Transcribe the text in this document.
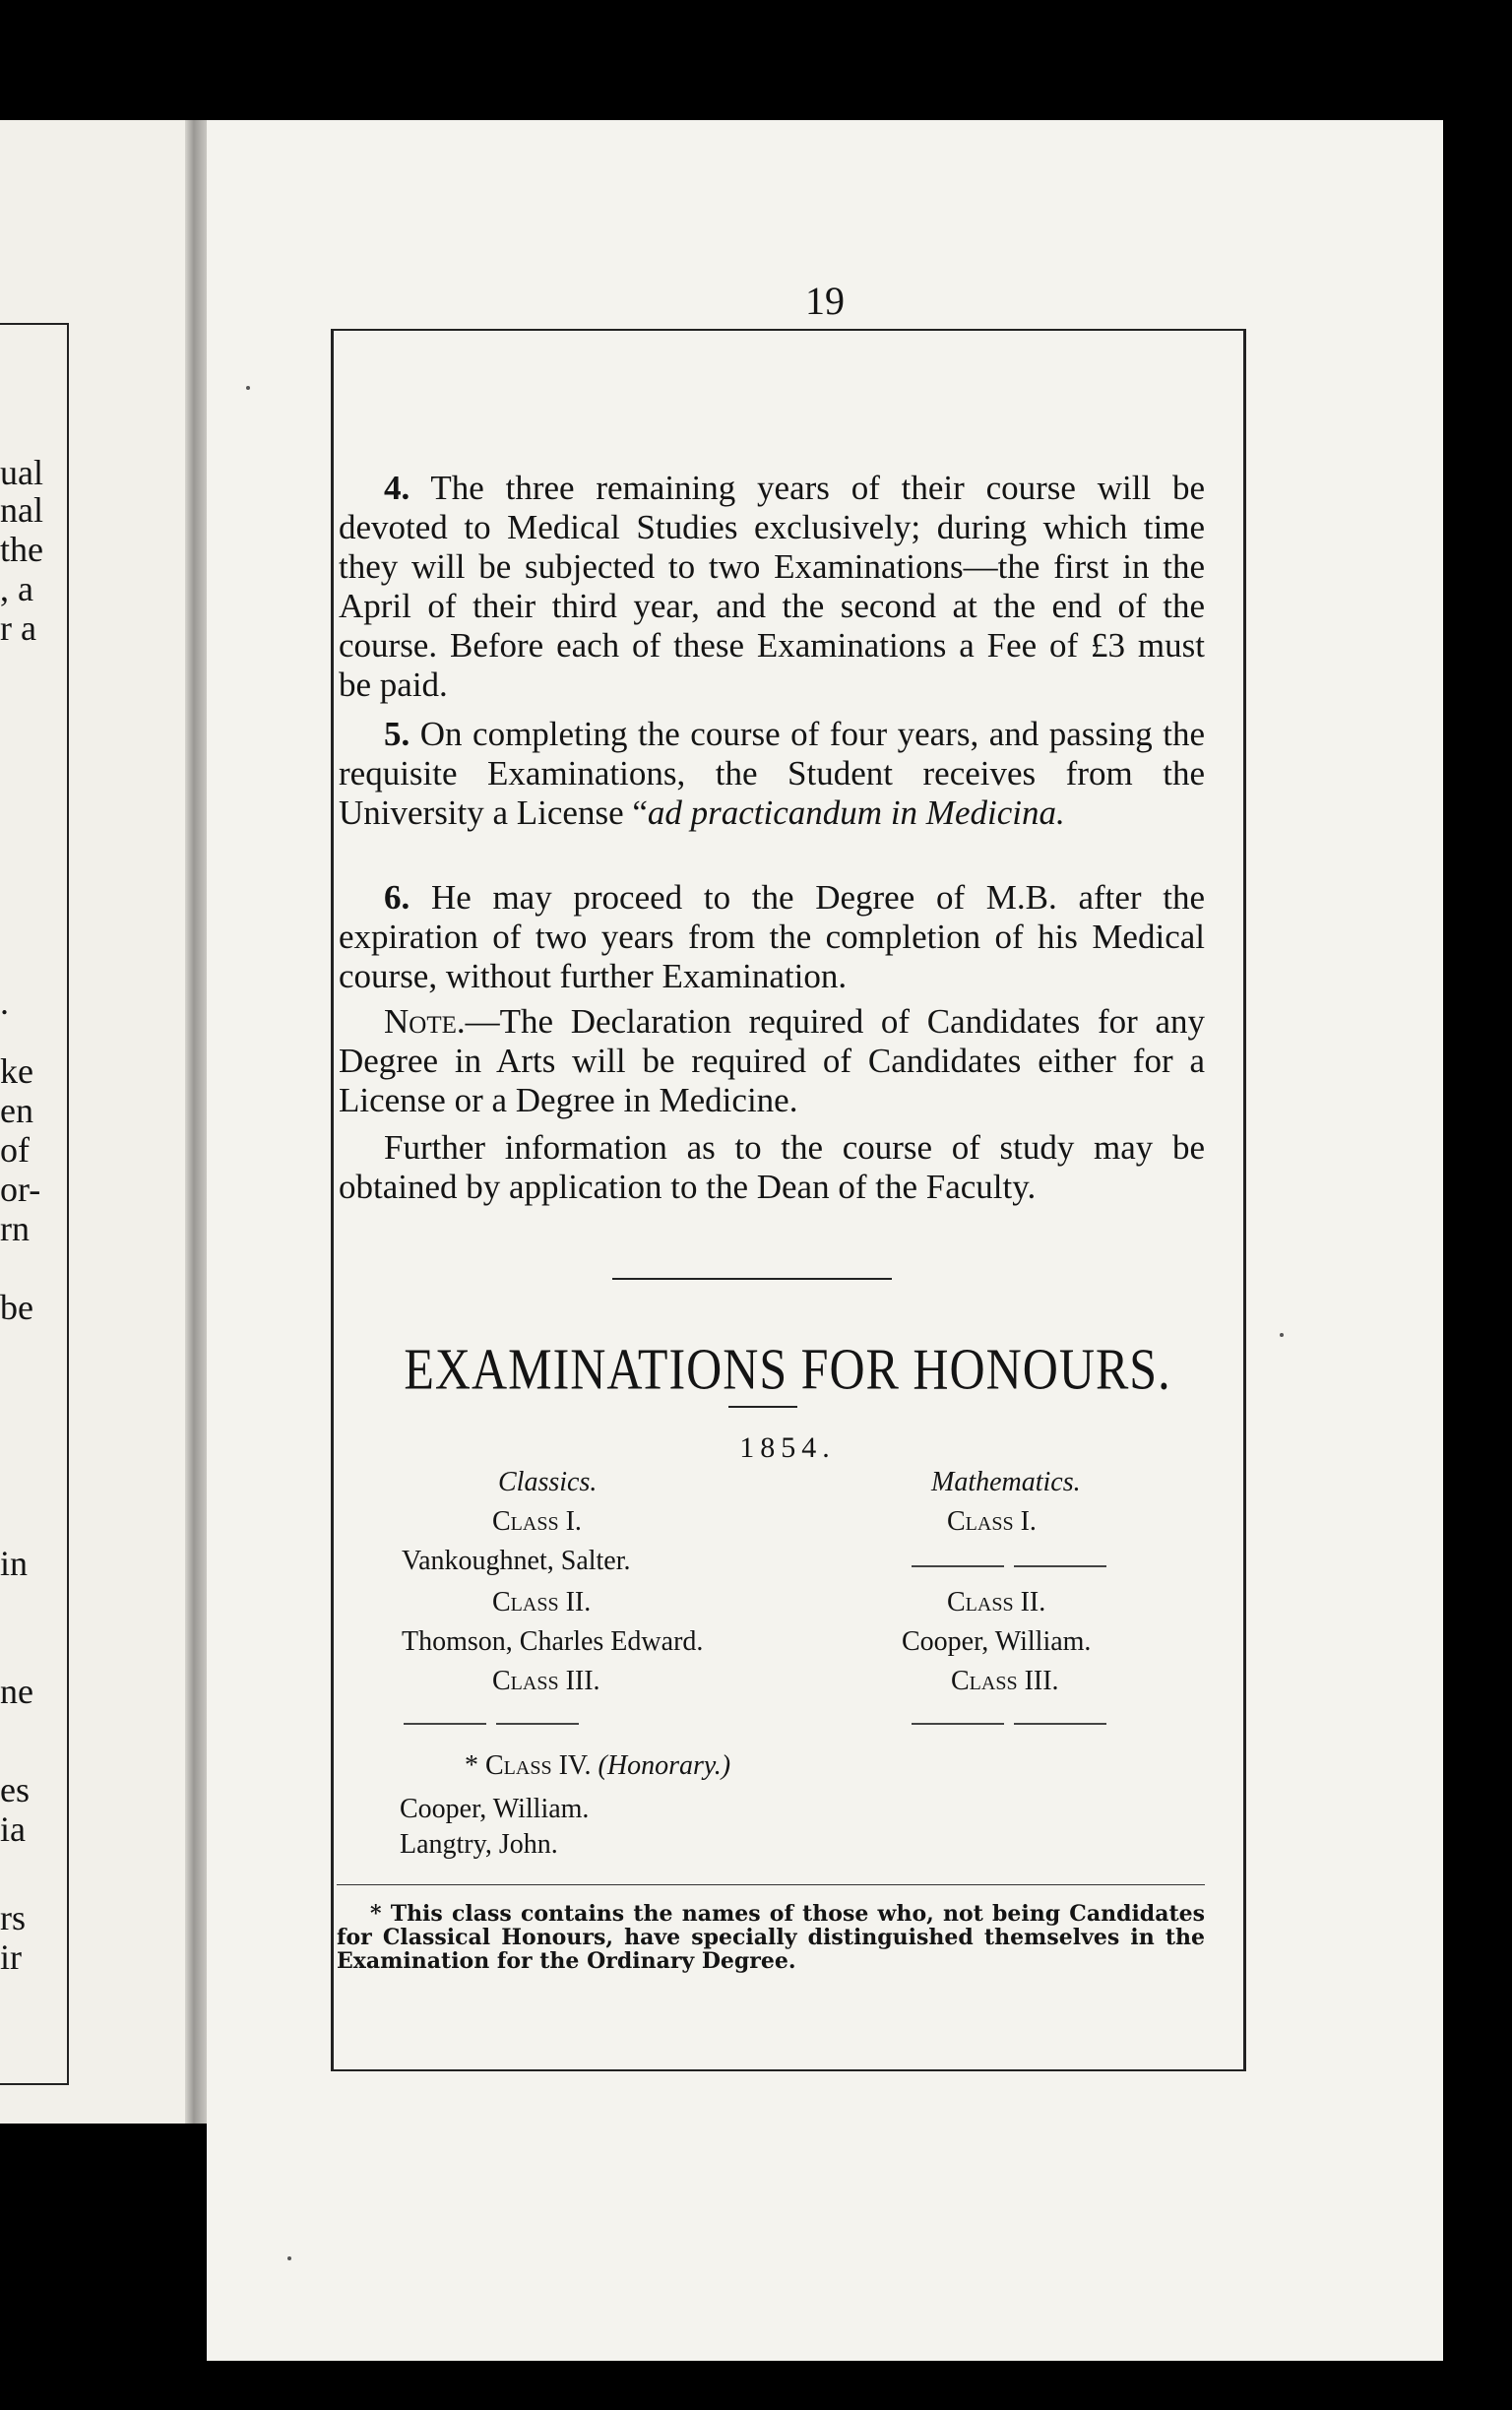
ual
nal
the
, a
r a
.
ke
en
of
or-
rn
be
in
ne
es
ia
rs
ir
19
4. The three remaining years of their course will be devoted to Medical Studies exclusively; during which time they will be subjected to two Examinations—the first in the April of their third year, and the second at the end of the course. Before each of these Examinations a Fee of £3 must be paid.
5. On completing the course of four years, and passing the requisite Examinations, the Student receives from the University a License “ad practicandum in Medicina.
6. He may proceed to the Degree of M.B. after the expiration of two years from the completion of his Medical course, without further Examination.
Note.—The Declaration required of Candidates for any Degree in Arts will be required of Candidates either for a License or a Degree in Medicine.
Further information as to the course of study may be obtained by application to the Dean of the Faculty.
EXAMINATIONS FOR HONOURS.
1854.
Classics.
Class I.
Vankoughnet, Salter.
Class II.
Thomson, Charles Edward.
Class III.
* Class IV. (Honorary.)
Cooper, William.
Langtry, John.
Mathematics.
Class I.
Class II.
Cooper, William.
Class III.
* This class contains the names of those who, not being Candidates for Classical Honours, have specially distinguished themselves in the Examination for the Ordinary Degree.
